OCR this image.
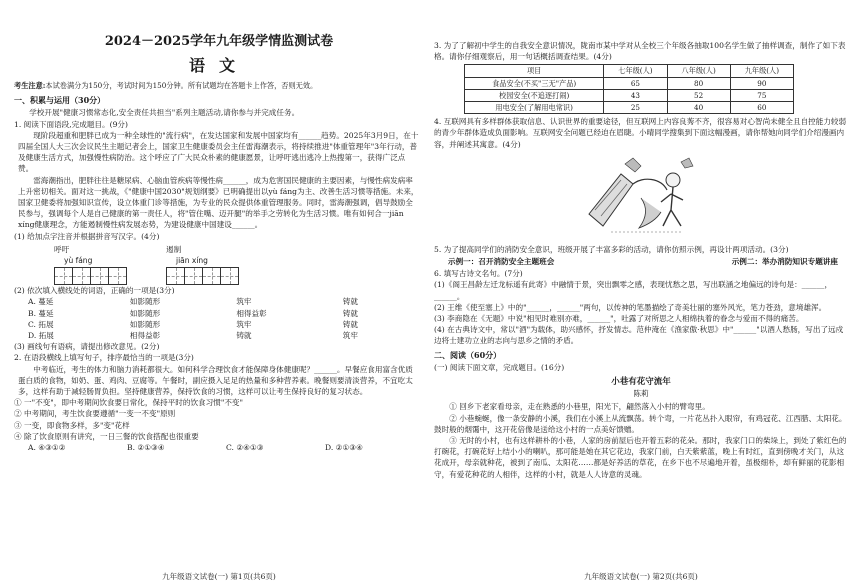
2024－2025学年九年级学情监测试卷
语文

考生注意:本试卷满分为150分，考试时间为150分钟。所有试题均在答题卡上作答，否则无效。

一、积累与运用（30分）

学校开展"健康习惯常态化,安全责任共担当"系列主题活动,请你参与并完成任务。

1. 阅读下面语段,完成题目。(9分)

现阶段超重和肥胖已成为一种全球性的"流行病"，在发达国家和发展中国家均有______趋势。2025年3月9日，在十四届全国人大三次会议民生主题记者会上，国家卫生健康委员会主任雷海潮表示，将持续推进"体重管理年"3年行动，普及健康生活方式，加强慢性病防治。这个呼应了广大民众朴素的健康愿景，让呼吁逃出逃冷上热搜第一，获得广泛点赞。

雷海潮指出，肥胖往往是糖尿病、心脑血管疾病等慢性病______，成为危害国民健康的主要因素，与慢性病发病率上升密切相关。面对这一挑战，《"健康中国2030"规划纲要》已明确提出以yù fáng为主、改善生活习惯等措施。未来，国家卫健委将加强知识宣传，设立体重门诊等措施，为专业的民众提供体重管理服务。同时，雷海潮强调，倡导鼓励全民参与，强调每个人是自己健康的第一责任人，将"管住嘴、迈开腿"的举手之劳转化为生活习惯。唯有如何合一jiān xíng健康理念，方能遏制慢性病发展态势，为建设健康中国建设______。

(1) 给加点字注音并根据拼音写汉字。(4分)

呼吁
yù fáng
遏制
jiān xíng

(2) 依次填入横线处的词语，正确的一项是(3分)

A. 蔓延	如影随形	筑牢	铸就
B. 蔓延	如影随形	相得益彰	铸就
C. 拓展	如影随形	筑牢	铸就
D. 拓展	相得益彰	铸就	筑牢

(3) 画线句有语病，请提出修改意见。(2分)

2. 在语段横线上填写句子，排序最恰当的一项是(3分)

中考临近，考生的体力和脑力消耗都很大。如何科学合理饮食才能保障身体健康呢？______。早餐应食用富含优质蛋白质的食物，如奶、蛋、鸡肉、豆腐等。午餐时，副应摄入足足的热量和多种营养素。晚餐则要清淡营养，不宜吃太多，这样有助于减轻肠胃负担。坚持健康营养，保持饮食的习惯，这样可以让考生保持良好的复习状态。

① 一"不变"，即中考期间饮食要日常化，保持平时的饮食习惯"不变"

② 中考期间，考生饮食要遵循"一变一不变"原则

③ 一变，即食物多样，多"变"花样

④ 除了饮食原则有讲究，一日三餐的饮食搭配也很重要

A. ④③①②	B. ②①③④	C. ②④①③	D. ②①③④
九年级语文试卷(一) 第1页(共6页)

3. 为了了解初中学生的自我安全意识情况，陇南市某中学对从全校三个年级各抽取100名学生做了抽样调查，制作了如下表格。请你仔细观察后，用一句话概括调查结果。(4分)

项目	七年级(人)	八年级(人)	九年级(人)
食品安全(不买"三无"产品)	65	80	90
校园安全(不追逐打闹)	43	52	75
用电安全(了解用电常识)	25	40	60

4. 互联网具有多样群体获取信息、认识世界的重要途径，但互联网上内容良莠不齐，很容易对心智尚未健全且自控能力较弱的青少年群体造成负面影响。互联网安全问题已经迫在眉睫。小晴同学搜集到下面这幅漫画，请你帮她向同学们介绍漫画内容，并阐述其寓意。(4分)

5. 为了提高同学们的消防安全意识，班级开展了丰富多彩的活动，请你仿照示例，再设计两项活动。(3分)

示例一：召开消防安全主题班会	示例二：举办消防知识专题讲座

6. 填写古诗文名句。(7分)

(1)《阁王昌龄左迁龙标遥有此寄》中融情于景，突出飘零之感，表现忧愁之思，写出联涵之地偏远的诗句是：______，______。

(2) 王维《使至塞上》中的"______，______"两句，以传神的笔墨描绘了奇美壮丽的塞外风光，笔力苍劲，意境雄浑。

(3) 李商隐在《无题》中说"相见时难别亦难，______"，吐露了对所思之人相绵执着的眷念与爱而不得的痛苦。

(4) 在古典诗文中，常以"酒"为载体，助兴感怀，抒发情志。范仲淹在《渔家傲·秋思》中"______"以酒人愁肠，写出了远戍边将士建功立业的志向与思乡之情的矛盾。

二、阅读（60分）

(一) 阅读下面文章，完成题目。(16分)

小巷有花守流年
陈莉

① 回乡下老家看母亲，走在熟悉的小巷里，阳光下，翩然落入小村的臂弯里。

② 小巷蜿蜒，像一条安静的小溪，我们在小溪上从流飘荡。转个弯，一片花丛扑入眼帘，有鸡冠花、江西腊、太阳花。鼓时般的烟霭中，这开花倍像是送给这小村的一点美好馈赠。

③ 无时的小村，也有这样耕朴的小巷，人家的房前屋后也开着五彩的花朵。那时，我家门口的柴垛上，到处了紫红色的打碗花，打碗花好上结小小的喇叭，那可能是她在其它花边，我家门前，白天紫紫蓝，晚上有时红，直到傍晚才关门，从这花成开，母亲就种花，被到了南瓜、太阳花……都是好养活的草花，在乡下也不尽遍地开着，虽极细朴，却有鲜丽的花影相守，有爱花种花的人相伴，这样的小村，就是人人诗意的灵魂。

九年级语文试卷(一) 第2页(共6页)
